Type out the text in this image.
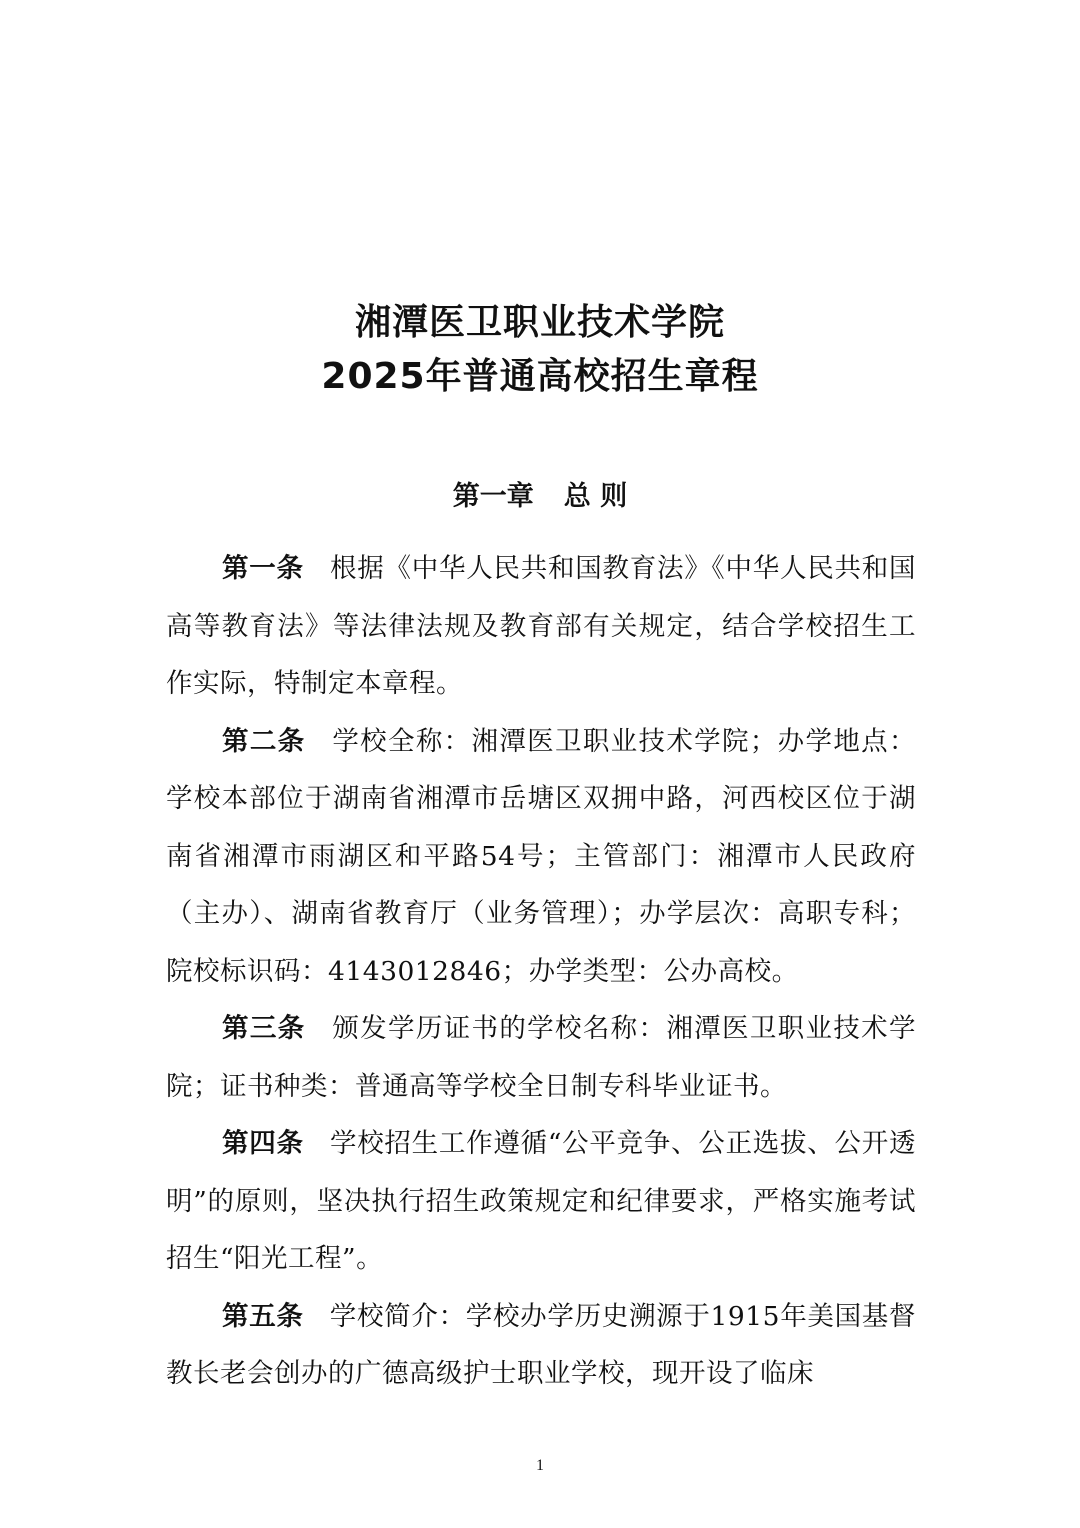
湘潭医卫职业技术学院
2025年普通高校招生章程
第一章 总 则

第一条 根据《中华人民共和国教育法》《中华人民共和国高等教育法》等法律法规及教育部有关规定，结合学校招生工作实际，特制定本章程。

第二条 学校全称：湘潭医卫职业技术学院；办学地点：学校本部位于湖南省湘潭市岳塘区双拥中路，河西校区位于湖南省湘潭市雨湖区和平路54号；主管部门：湘潭市人民政府（主办）、湖南省教育厅（业务管理）；办学层次：高职专科；院校标识码：4143012846；办学类型：公办高校。

第三条 颁发学历证书的学校名称：湘潭医卫职业技术学院；证书种类：普通高等学校全日制专科毕业证书。

第四条 学校招生工作遵循“公平竞争、公正选拔、公开透明”的原则，坚决执行招生政策规定和纪律要求，严格实施考试招生“阳光工程”。

第五条 学校简介：学校办学历史溯源于1915年美国基督教长老会创办的广德高级护士职业学校，现开设了临床

1
